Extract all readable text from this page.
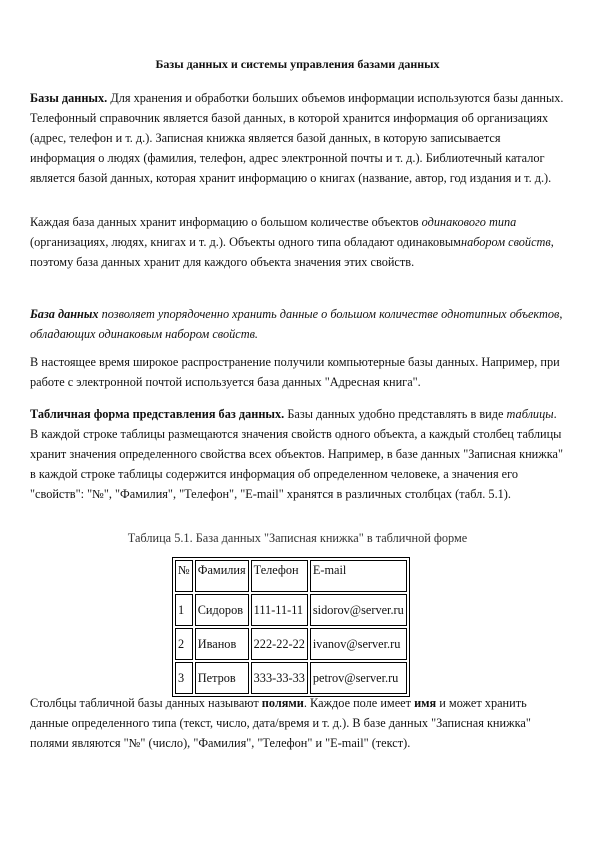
Базы данных и системы управления базами данных

Базы данных. Для хранения и обработки больших объемов информации используются базы данных. Телефонный справочник является базой данных, в которой хранится информация об организациях (адрес, телефон и т. д.). Записная книжка является базой данных, в которую записывается информация о людях (фамилия, телефон, адрес электронной почты и т. д.). Библиотечный каталог является базой данных, которая хранит информацию о книгах (название, автор, год издания и т. д.).

Каждая база данных хранит информацию о большом количестве объектов одинакового типа (организациях, людях, книгах и т. д.). Объекты одного типа обладают одинаковымнабором свойств, поэтому база данных хранит для каждого объекта значения этих свойств.

База данных позволяет упорядоченно хранить данные о большом количестве однотипных объектов, обладающих одинаковым набором свойств.

В настоящее время широкое распространение получили компьютерные базы данных. Например, при работе с электронной почтой используется база данных "Адресная книга".

Табличная форма представления баз данных. Базы данных удобно представлять в виде таблицы. В каждой строке таблицы размещаются значения свойств одного объекта, а каждый столбец таблицы хранит значения определенного свойства всех объектов. Например, в базе данных "Записная книжка" в каждой строке таблицы содержится информация об определенном человеке, а значения его "свойств": "№", "Фамилия", "Телефон", "E-mail" хранятся в различных столбцах (табл. 5.1).

Таблица 5.1. База данных "Записная книжка" в табличной форме
№	Фамилия	Телефон	E-mail
1	Сидоров	111-11-11	sidorov@server.ru
2	Иванов	222-22-22	ivanov@server.ru
3	Петров	333-33-33	petrov@server.ru

Столбцы табличной базы данных называют полями. Каждое поле имеет имя и может хранить данные определенного типа (текст, число, дата/время и т. д.). В базе данных "Записная книжка" полями являются "№" (число), "Фамилия", "Телефон" и "E-mail" (текст).
